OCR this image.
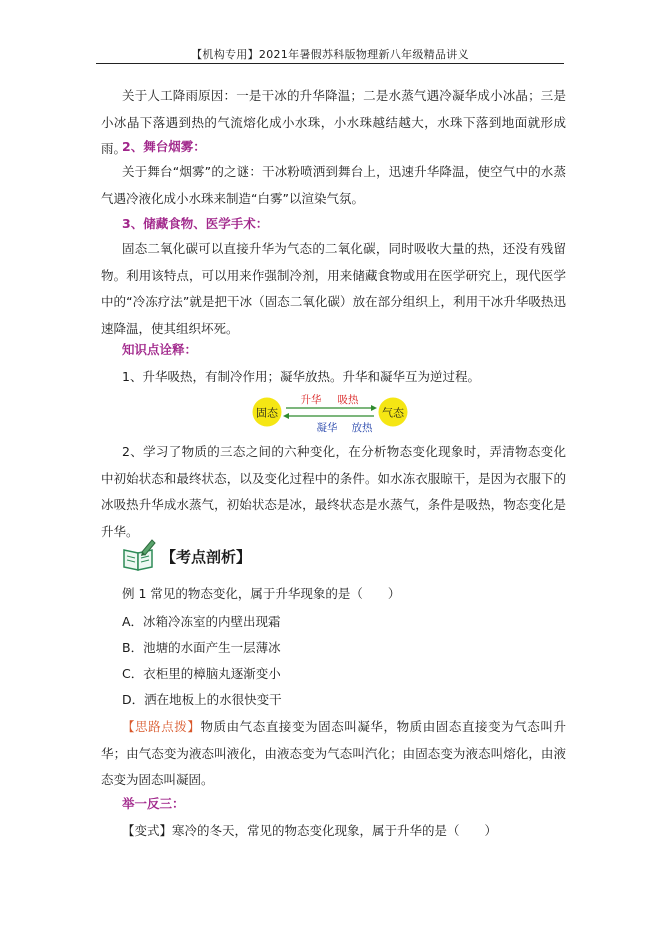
【机构专用】2021年暑假苏科版物理新八年级精品讲义

关于人工降雨原因：一是干冰的升华降温；二是水蒸气遇冷凝华成小冰晶；三是小冰晶下落遇到热的气流熔化成小水珠，小水珠越结越大，水珠下落到地面就形成雨。

2、舞台烟雾：

关于舞台“烟雾”的之谜：干冰粉喷洒到舞台上，迅速升华降温，使空气中的水蒸气遇冷液化成小水珠来制造“白雾”以渲染气氛。

3、储藏食物、医学手术：

固态二氧化碳可以直接升华为气态的二氧化碳，同时吸收大量的热，还没有残留物。利用该特点，可以用来作强制冷剂，用来储藏食物或用在医学研究上，现代医学中的“冷冻疗法”就是把干冰（固态二氧化碳）放在部分组织上，利用干冰升华吸热迅速降温，使其组织坏死。

知识点诠释：
1、升华吸热，有制冷作用；凝华放热。升华和凝华互为逆过程。
固态	气态
升华 吸热
凝华 放热

2、学习了物质的三态之间的六种变化，在分析物态变化现象时，弄清物态变化中初始状态和最终状态，以及变化过程中的条件。如水冻衣服晾干，是因为衣服下的冰吸热升华成水蒸气，初始状态是冰，最终状态是水蒸气，条件是吸热，物态变化是升华。

【考点剖析】
例 1 常见的物态变化，属于升华现象的是（　　）
A．冰箱冷冻室的内壁出现霜
B．池塘的水面产生一层薄冰
C．衣柜里的樟脑丸逐渐变小
D．洒在地板上的水很快变干

【思路点拨】物质由气态直接变为固态叫凝华，物质由固态直接变为气态叫升华；由气态变为液态叫液化，由液态变为气态叫汽化；由固态变为液态叫熔化，由液态变为固态叫凝固。

举一反三：
【变式】寒冷的冬天，常见的物态变化现象，属于升华的是（　　）
